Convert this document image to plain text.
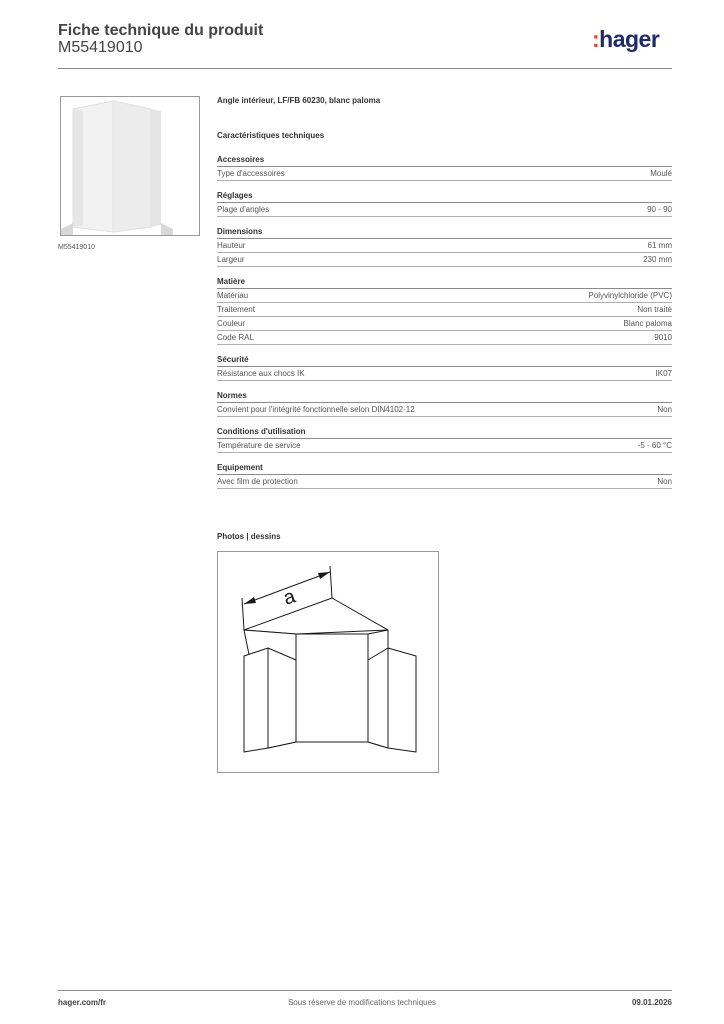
Fiche technique du produit
M55419010	:hager
M55419010
Angle intérieur, LF/FB 60230, blanc paloma
Caractéristiques techniques
Accessoires
Type d'accessoires	Moulé
Réglages
Plage d'angles	90 - 90
Dimensions
Hauteur	61 mm
Largeur	230 mm
Matière
Matériau	Polyvinylchloride (PVC)
Traitement	Non traité
Couleur	Blanc paloma
Code RAL	9010
Sécurité
Résistance aux chocs IK	IK07
Normes
Convient pour l'intégrité fonctionnelle selon DIN4102-12	Non
Conditions d'utilisation
Température de service	-5 - 60 °C
Equipement
Avec film de protection	Non
Photos | dessins
a
hager.com/fr	Sous réserve de modifications techniques	09.01.2026
